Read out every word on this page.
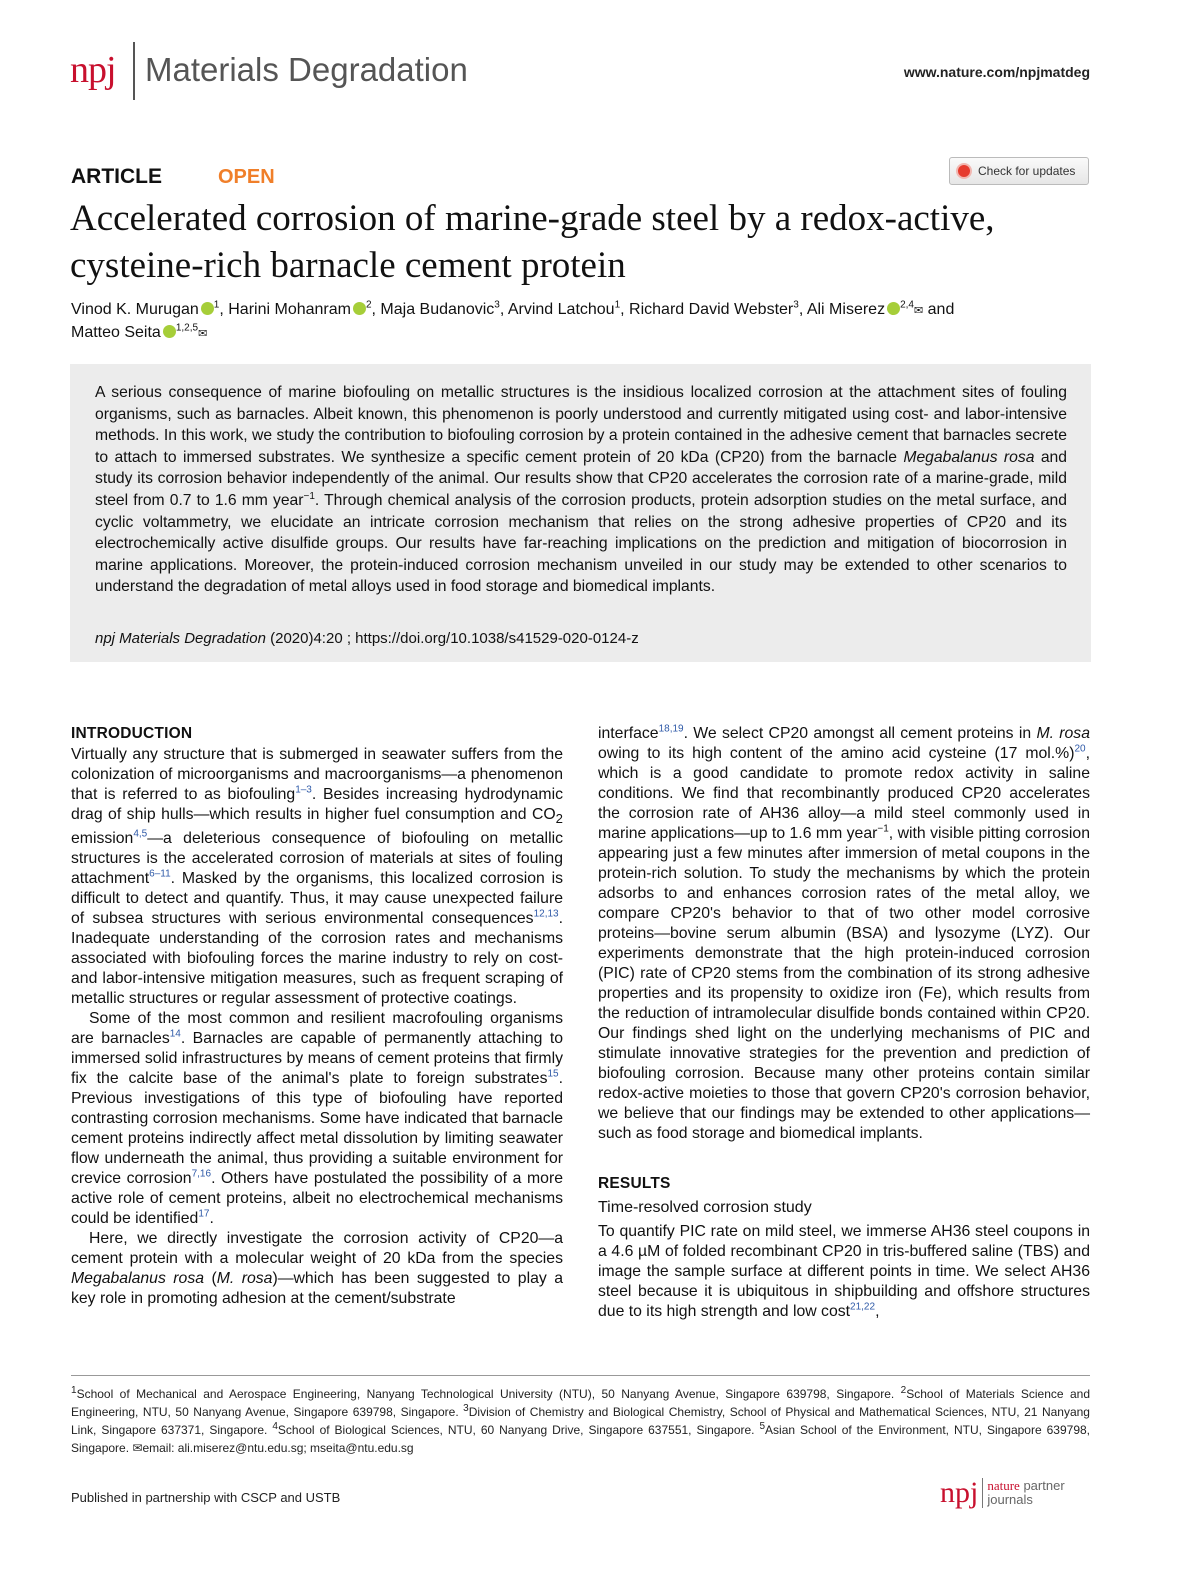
npj Materials Degradation	www.nature.com/npjmatdeg
ARTICLE	OPEN	Check for updates
Accelerated corrosion of marine-grade steel by a redox-active, cysteine-rich barnacle cement protein
Vinod K. Murugan $^1$, Harini Mohanram $^2$, Maja Budanovic$^3$, Arvind Latchou$^1$, Richard David Webster$^3$, Ali Miserez $^{2,4}$✉ and
Matteo Seita $^{1,2,5}$✉

A serious consequence of marine biofouling on metallic structures is the insidious localized corrosion at the attachment sites of fouling organisms, such as barnacles. Albeit known, this phenomenon is poorly understood and currently mitigated using cost- and labor-intensive methods. In this work, we study the contribution to biofouling corrosion by a protein contained in the adhesive cement that barnacles secrete to attach to immersed substrates. We synthesize a specific cement protein of 20 kDa (CP20) from the barnacle Megabalanus rosa and study its corrosion behavior independently of the animal. Our results show that CP20 accelerates the corrosion rate of a marine-grade, mild steel from 0.7 to 1.6 mm year$^{-1}$. Through chemical analysis of the corrosion products, protein adsorption studies on the metal surface, and cyclic voltammetry, we elucidate an intricate corrosion mechanism that relies on the strong adhesive properties of CP20 and its electrochemically active disulfide groups. Our results have far-reaching implications on the prediction and mitigation of biocorrosion in marine applications. Moreover, the protein-induced corrosion mechanism unveiled in our study may be extended to other scenarios to understand the degradation of metal alloys used in food storage and biomedical implants.

npj Materials Degradation (2020)4:20 ; https://doi.org/10.1038/s41529-020-0124-z
INTRODUCTION

Virtually any structure that is submerged in seawater suffers from the colonization of microorganisms and macroorganisms—a phenomenon that is referred to as biofouling$^{1-3}$. Besides increasing hydrodynamic drag of ship hulls—which results in higher fuel consumption and $CO_2$ emission$^{4,5}$—a deleterious consequence of biofouling on metallic structures is the accelerated corrosion of materials at sites of fouling attachment$^{6-11}$. Masked by the organisms, this localized corrosion is difficult to detect and quantify. Thus, it may cause unexpected failure of subsea structures with serious environmental consequences$^{12,13}$. Inadequate understanding of the corrosion rates and mechanisms associated with biofouling forces the marine industry to rely on cost- and labor-intensive mitigation measures, such as frequent scraping of metallic structures or regular assessment of protective coatings.

Some of the most common and resilient macrofouling organisms are barnacles$^{14}$. Barnacles are capable of permanently attaching to immersed solid infrastructures by means of cement proteins that firmly fix the calcite base of the animal's plate to foreign substrates$^{15}$. Previous investigations of this type of biofouling have reported contrasting corrosion mechanisms. Some have indicated that barnacle cement proteins indirectly affect metal dissolution by limiting seawater flow underneath the animal, thus providing a suitable environment for crevice corrosion$^{7,16}$. Others have postulated the possibility of a more active role of cement proteins, albeit no electrochemical mechanisms could be identified$^{17}$.

Here, we directly investigate the corrosion activity of CP20—a cement protein with a molecular weight of 20 kDa from the species Megabalanus rosa (M. rosa)—which has been suggested to play a key role in promoting adhesion at the cement/substrate

interface$^{18,19}$. We select CP20 amongst all cement proteins in M. rosa owing to its high content of the amino acid cysteine (17 mol.%)$^{20}$, which is a good candidate to promote redox activity in saline conditions. We find that recombinantly produced CP20 accelerates the corrosion rate of AH36 alloy—a mild steel commonly used in marine applications—up to 1.6 mm year$^{-1}$, with visible pitting corrosion appearing just a few minutes after immersion of metal coupons in the protein-rich solution. To study the mechanisms by which the protein adsorbs to and enhances corrosion rates of the metal alloy, we compare CP20's behavior to that of two other model corrosive proteins—bovine serum albumin (BSA) and lysozyme (LYZ). Our experiments demonstrate that the high protein-induced corrosion (PIC) rate of CP20 stems from the combination of its strong adhesive properties and its propensity to oxidize iron (Fe), which results from the reduction of intramolecular disulfide bonds contained within CP20. Our findings shed light on the underlying mechanisms of PIC and stimulate innovative strategies for the prevention and prediction of biofouling corrosion. Because many other proteins contain similar redox-active moieties to those that govern CP20's corrosion behavior, we believe that our findings may be extended to other applications—such as food storage and biomedical implants.

RESULTS
Time-resolved corrosion study

To quantify PIC rate on mild steel, we immerse AH36 steel coupons in a 4.6 µM of folded recombinant CP20 in tris-buffered saline (TBS) and image the sample surface at different points in time. We select AH36 steel because it is ubiquitous in shipbuilding and offshore structures due to its high strength and low cost$^{21,22}$,

$^1$School of Mechanical and Aerospace Engineering, Nanyang Technological University (NTU), 50 Nanyang Avenue, Singapore 639798, Singapore. $^2$School of Materials Science and Engineering, NTU, 50 Nanyang Avenue, Singapore 639798, Singapore. $^3$Division of Chemistry and Biological Chemistry, School of Physical and Mathematical Sciences, NTU, 21 Nanyang Link, Singapore 637371, Singapore. $^4$School of Biological Sciences, NTU, 60 Nanyang Drive, Singapore 637551, Singapore. $^5$Asian School of the Environment, NTU, Singapore 639798, Singapore. ✉email: ali.miserez@ntu.edu.sg; mseita@ntu.edu.sg

Published in partnership with CSCP and USTB	npj nature partner
journals
